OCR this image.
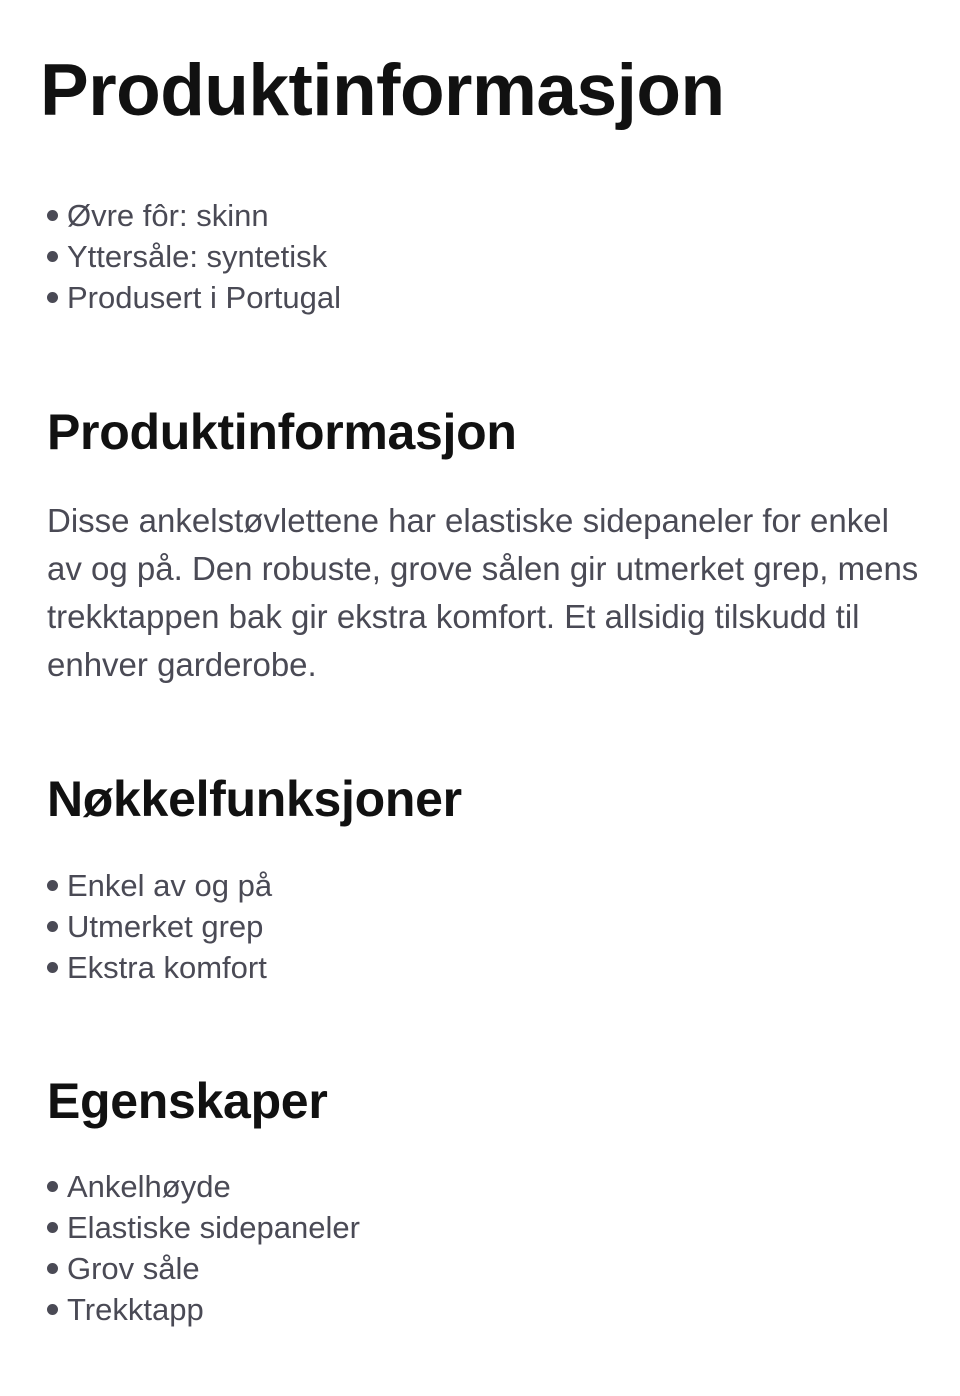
Produktinformasjon
Øvre fôr: skinn
Yttersåle: syntetisk
Produsert i Portugal
Produktinformasjon

Disse ankelstøvlettene har elastiske sidepaneler for enkel av og på. Den robuste, grove sålen gir utmerket grep, mens trekktappen bak gir ekstra komfort. Et allsidig tilskudd til enhver garderobe.

Nøkkelfunksjoner
Enkel av og på
Utmerket grep
Ekstra komfort
Egenskaper
Ankelhøyde
Elastiske sidepaneler
Grov såle
Trekktapp
